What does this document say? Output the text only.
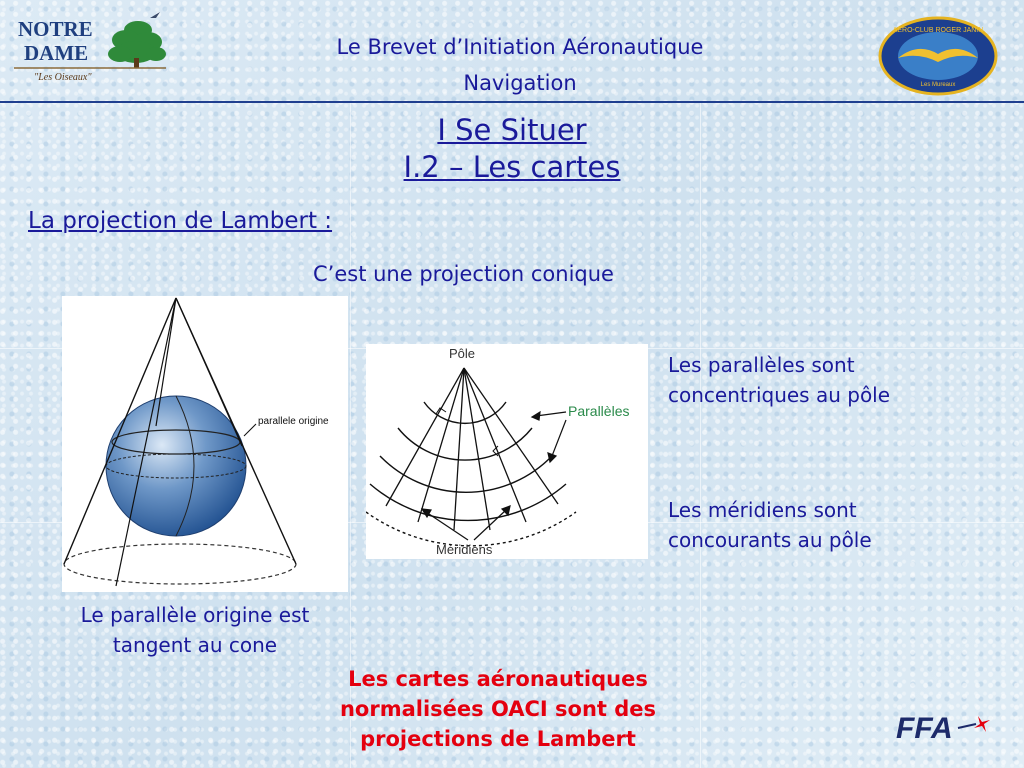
NOTRE
DAME
"Les Oiseaux"
Le Brevet d’Initiation Aéronautique
Navigation
AÉRO-CLUB ROGER JANIN
Les Mureaux
I Se Situer
I.2 – Les cartes
La projection de Lambert :
C’est une projection conique
parallele origine
Pôle
Parallèles
Méridiens
Les parallèles sont
concentriques au pôle
Les méridiens sont
concourants au pôle
Le parallèle origine est
tangent au cone
Les cartes aéronautiques
normalisées OACI sont des
projections de Lambert	FFA
